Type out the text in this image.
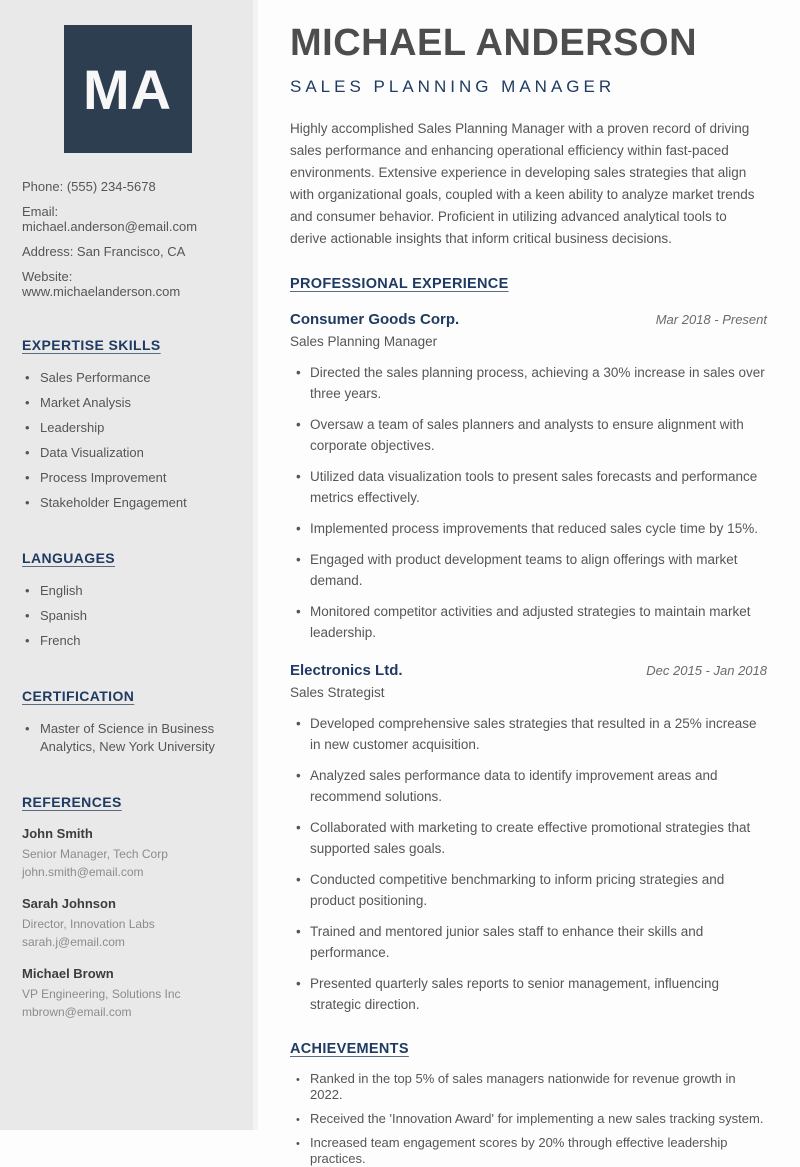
MA

Phone: (555) 234-5678

Email: michael.anderson@email.com

Address: San Francisco, CA

Website: www.michaelanderson.com

EXPERTISE SKILLS
• Sales Performance
• Market Analysis
• Leadership
• Data Visualization
• Process Improvement
• Stakeholder Engagement
LANGUAGES
• English
• Spanish
• French
CERTIFICATION
• Master of Science in Business Analytics, New York University
REFERENCES

John Smith

Senior Manager, Tech Corp

john.smith@email.com

Sarah Johnson

Director, Innovation Labs

sarah.j@email.com

Michael Brown

VP Engineering, Solutions Inc

mbrown@email.com

MICHAEL ANDERSON
SALES PLANNING MANAGER

Highly accomplished Sales Planning Manager with a proven record of driving sales performance and enhancing operational efficiency within fast-paced environments. Extensive experience in developing sales strategies that align with organizational goals, coupled with a keen ability to analyze market trends and consumer behavior. Proficient in utilizing advanced analytical tools to derive actionable insights that inform critical business decisions.

PROFESSIONAL EXPERIENCE
Consumer Goods Corp.	Mar 2018 - Present

Sales Planning Manager

• Directed the sales planning process, achieving a 30% increase in sales over three years.
• Oversaw a team of sales planners and analysts to ensure alignment with corporate objectives.
• Utilized data visualization tools to present sales forecasts and performance metrics effectively.
• Implemented process improvements that reduced sales cycle time by 15%.
• Engaged with product development teams to align offerings with market demand.
• Monitored competitor activities and adjusted strategies to maintain market leadership.
Electronics Ltd.	Dec 2015 - Jan 2018

Sales Strategist

• Developed comprehensive sales strategies that resulted in a 25% increase in new customer acquisition.
• Analyzed sales performance data to identify improvement areas and recommend solutions.
• Collaborated with marketing to create effective promotional strategies that supported sales goals.
• Conducted competitive benchmarking to inform pricing strategies and product positioning.
• Trained and mentored junior sales staff to enhance their skills and performance.
• Presented quarterly sales reports to senior management, influencing strategic direction.
ACHIEVEMENTS
• Ranked in the top 5% of sales managers nationwide for revenue growth in 2022.
• Received the 'Innovation Award' for implementing a new sales tracking system.
• Increased team engagement scores by 20% through effective leadership practices.
